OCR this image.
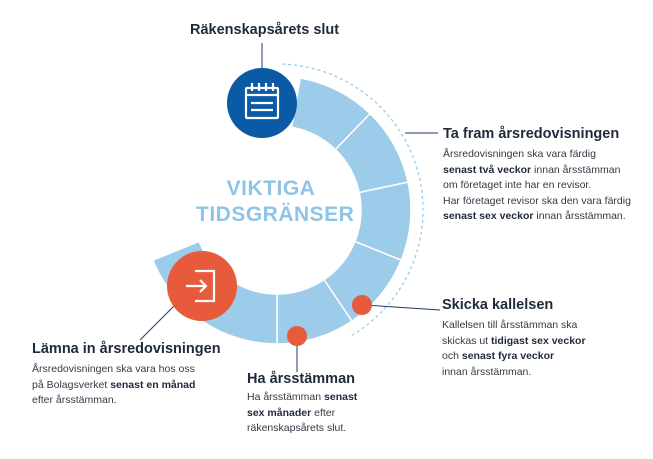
VIKTIGA
TIDSGRÄNSER
Räkenskapsårets slut
Ta fram årsredovisningen
Årsredovisningen ska vara färdig
senast två veckor innan årsstämman
om företaget inte har en revisor.
Har företaget revisor ska den vara färdig
senast sex veckor innan årsstämman.
Skicka kallelsen
Kallelsen till årsstämman ska
skickas ut tidigast sex veckor
och senast fyra veckor
innan årsstämman.
Ha årsstämman
Ha årsstämman senast
sex månader efter
räkenskapsårets slut.
Lämna in årsredovisningen
Årsredovisningen ska vara hos oss
på Bolagsverket senast en månad
efter årsstämman.
